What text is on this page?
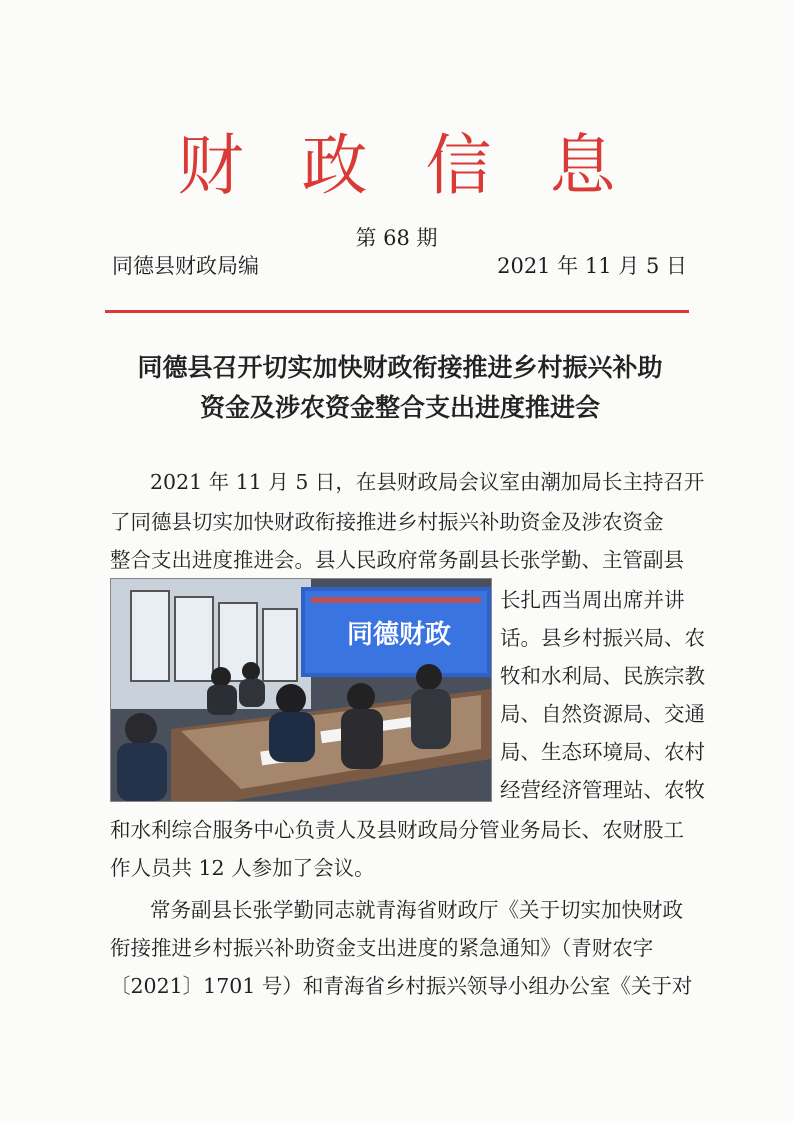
财政信息
第 68 期
同德县财政局编	2021 年 11 月 5 日
同德县召开切实加快财政衔接推进乡村振兴补助
资金及涉农资金整合支出进度推进会
2021 年 11 月 5 日，在县财政局会议室由潮加局长主持召开
了同德县切实加快财政衔接推进乡村振兴补助资金及涉农资金
整合支出进度推进会。县人民政府常务副县长张学勤、主管副县
长扎西当周出席并讲
话。县乡村振兴局、农
牧和水利局、民族宗教
局、自然资源局、交通
局、生态环境局、农村
经营经济管理站、农牧
和水利综合服务中心负责人及县财政局分管业务局长、农财股工
作人员共 12 人参加了会议。
常务副县长张学勤同志就青海省财政厅《关于切实加快财政
衔接推进乡村振兴补助资金支出进度的紧急通知》（青财农字
〔2021〕1701 号）和青海省乡村振兴领导小组办公室《关于对
同德财政
